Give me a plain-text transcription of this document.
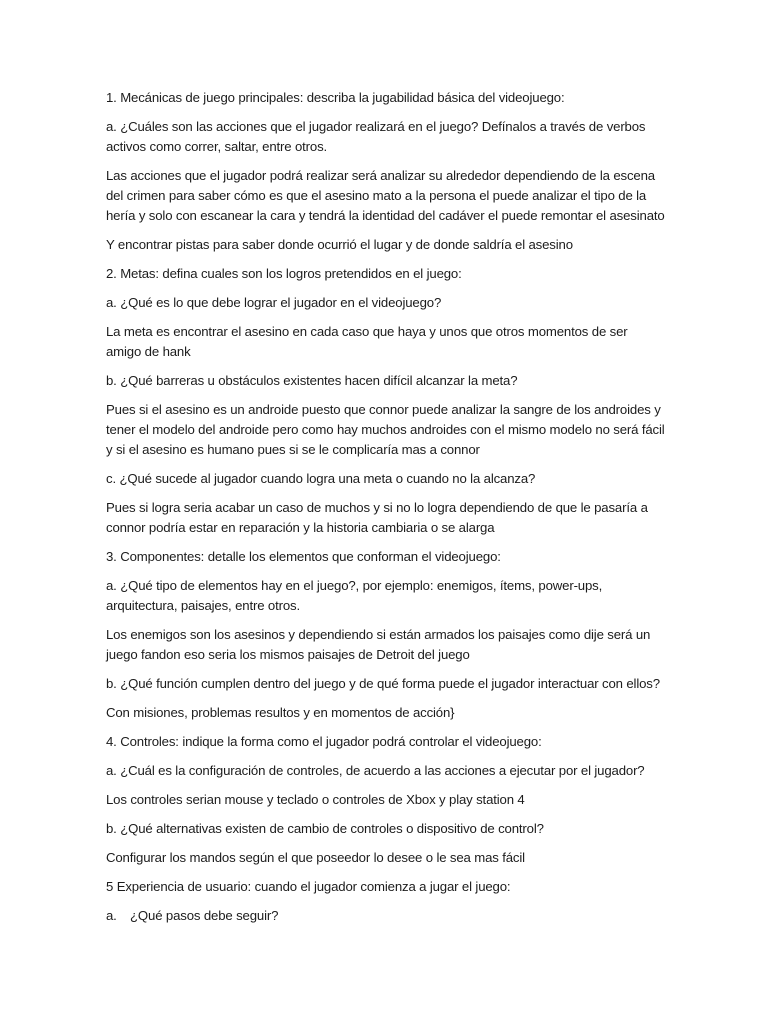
1. Mecánicas de juego principales: describa la jugabilidad básica del videojuego:

a. ¿Cuáles son las acciones que el jugador realizará en el juego? Defínalos a través de verbos activos como correr, saltar, entre otros.

Las acciones que el jugador podrá realizar será analizar su alrededor dependiendo de la escena del crimen para saber cómo es que el asesino mato a la persona el puede analizar el tipo de la hería y solo con escanear la cara y tendrá la identidad del cadáver el puede remontar el asesinato

Y encontrar pistas para saber donde ocurrió el lugar y de donde saldría el asesino

2. Metas: defina cuales son los logros pretendidos en el juego:

a. ¿Qué es lo que debe lograr el jugador en el videojuego?

La meta es encontrar el asesino en cada caso que haya y unos que otros momentos de ser amigo de hank

b. ¿Qué barreras u obstáculos existentes hacen difícil alcanzar la meta?

Pues si el asesino es un androide puesto que connor puede analizar la sangre de los androides y tener el modelo del androide pero como hay muchos androides con el mismo modelo no será fácil y si el asesino es humano pues si se le complicaría mas a connor

c. ¿Qué sucede al jugador cuando logra una meta o cuando no la alcanza?

Pues si logra seria acabar un caso de muchos y si no lo logra dependiendo de que le pasaría a connor podría estar en reparación y la historia cambiaria o se alarga

3. Componentes: detalle los elementos que conforman el videojuego:

a. ¿Qué tipo de elementos hay en el juego?, por ejemplo: enemigos, ítems, power-ups, arquitectura, paisajes, entre otros.

Los enemigos son los asesinos y dependiendo si están armados los paisajes como dije será un juego fandon eso seria los mismos paisajes de Detroit del juego

b. ¿Qué función cumplen dentro del juego y de qué forma puede el jugador interactuar con ellos?

Con misiones, problemas resultos y en momentos de acción}

4. Controles: indique la forma como el jugador podrá controlar el videojuego:

a. ¿Cuál es la configuración de controles, de acuerdo a las acciones a ejecutar por el jugador?

Los controles serian mouse y teclado o controles de Xbox y play station 4

b. ¿Qué alternativas existen de cambio de controles o dispositivo de control?

Configurar los mandos según el que poseedor lo desee o le sea mas fácil

5 Experiencia de usuario: cuando el jugador comienza a jugar el juego:

a.	¿Qué pasos debe seguir?
